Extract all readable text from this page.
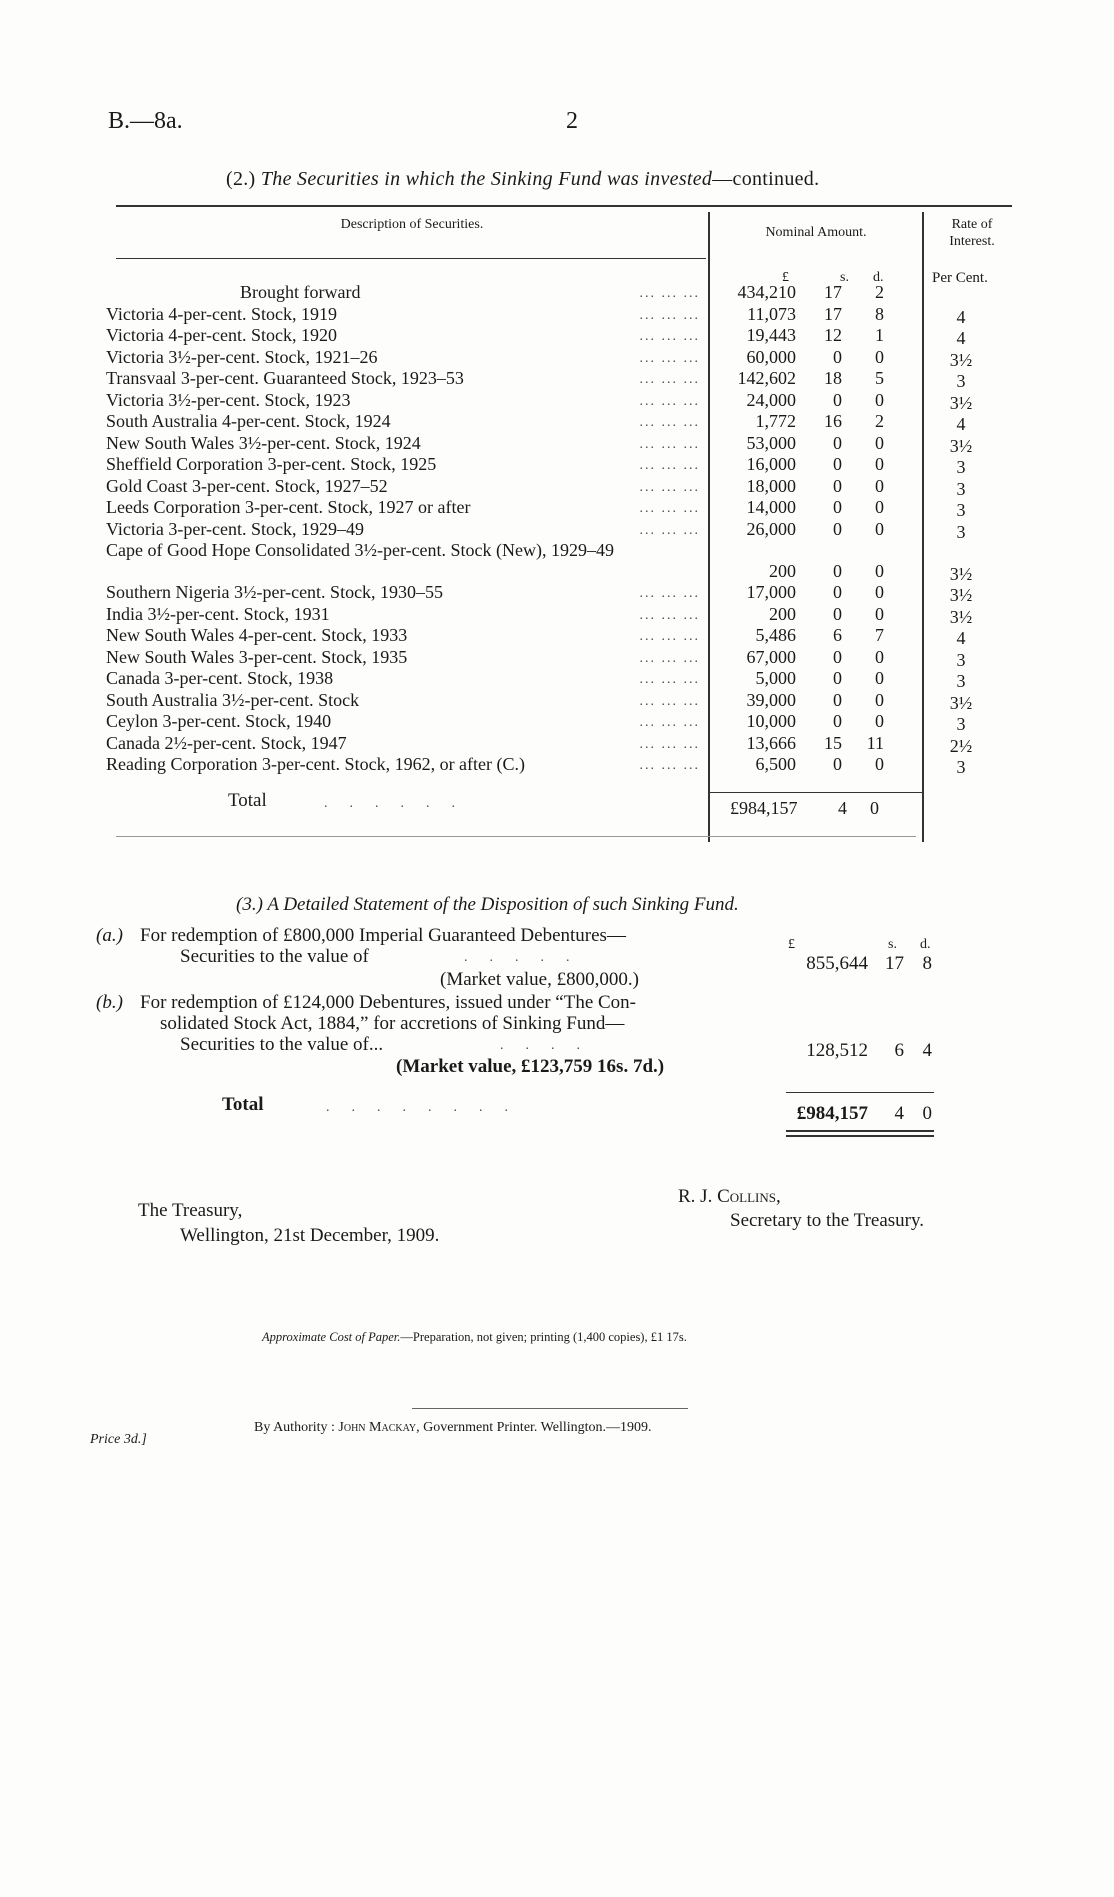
B.—8a.	2
(2.) The Securities in which the Sinking Fund was invested—continued.
Description of Securities.
Nominal Amount.
Rate of
Interest.
£	s. d.	Per Cent.
Brought forward	... ... ...	434,210	17	2
Victoria 4-per-cent. Stock, 1919	... ... ...	11,073	17	8	4
Victoria 4-per-cent. Stock, 1920	... ... ...	19,443	12	1	4
Victoria 3½-per-cent. Stock, 1921–26	... ... ...	60,000	0	0	3½
Transvaal 3-per-cent. Guaranteed Stock, 1923–53	... ... ...	142,602	18	5	3
Victoria 3½-per-cent. Stock, 1923	... ... ...	24,000	0	0	3½
South Australia 4-per-cent. Stock, 1924	... ... ...	1,772	16	2	4
New South Wales 3½-per-cent. Stock, 1924	... ... ...	53,000	0	0	3½
Sheffield Corporation 3-per-cent. Stock, 1925	... ... ...	16,000	0	0	3
Gold Coast 3-per-cent. Stock, 1927–52	... ... ...	18,000	0	0	3
Leeds Corporation 3-per-cent. Stock, 1927 or after	... ... ...	14,000	0	0	3
Victoria 3-per-cent. Stock, 1929–49	... ... ...	26,000	0	0	3
Cape of Good Hope Consolidated 3½-per-cent. Stock (New), 1929–49
200	0	0	3½
Southern Nigeria 3½-per-cent. Stock, 1930–55	... ... ...	17,000	0	0	3½
India 3½-per-cent. Stock, 1931	... ... ...	200	0	0	3½
New South Wales 4-per-cent. Stock, 1933	... ... ...	5,486	6	7	4
New South Wales 3-per-cent. Stock, 1935	... ... ...	67,000	0	0	3
Canada 3-per-cent. Stock, 1938	... ... ...	5,000	0	0	3
South Australia 3½-per-cent. Stock	... ... ...	39,000	0	0	3½
Ceylon 3-per-cent. Stock, 1940	... ... ...	10,000	0	0	3
Canada 2½-per-cent. Stock, 1947	... ... ...	13,666	15 11	2½
Reading Corporation 3-per-cent. Stock, 1962, or after (C.)	... ... ...	6,500	0	0	3
Total	......	£984,157 4 0
(3.) A Detailed Statement of the Disposition of such Sinking Fund.
£	s. d.
(a.) For redemption of £800,000 Imperial Guaranteed Debentures—
Securities to the value of	.....
(Market value, £800,000.)
855,644 17 8
(b.) For redemption of £124,000 Debentures, issued under “The Con-
solidated Stock Act, 1884,” for accretions of Sinking Fund—
Securities to the value of...	....
(Market value, £123,759 16s. 7d.)
128,512	6 4
Total	........	£984,157	4 0
The Treasury,
Wellington, 21st December, 1909.
R. J. Collins,
Secretary to the Treasury.
Approximate Cost of Paper.—Preparation, not given; printing (1,400 copies), £1 17s.
Price 3d.]
By Authority : John Mackay, Government Printer. Wellington.—1909.
